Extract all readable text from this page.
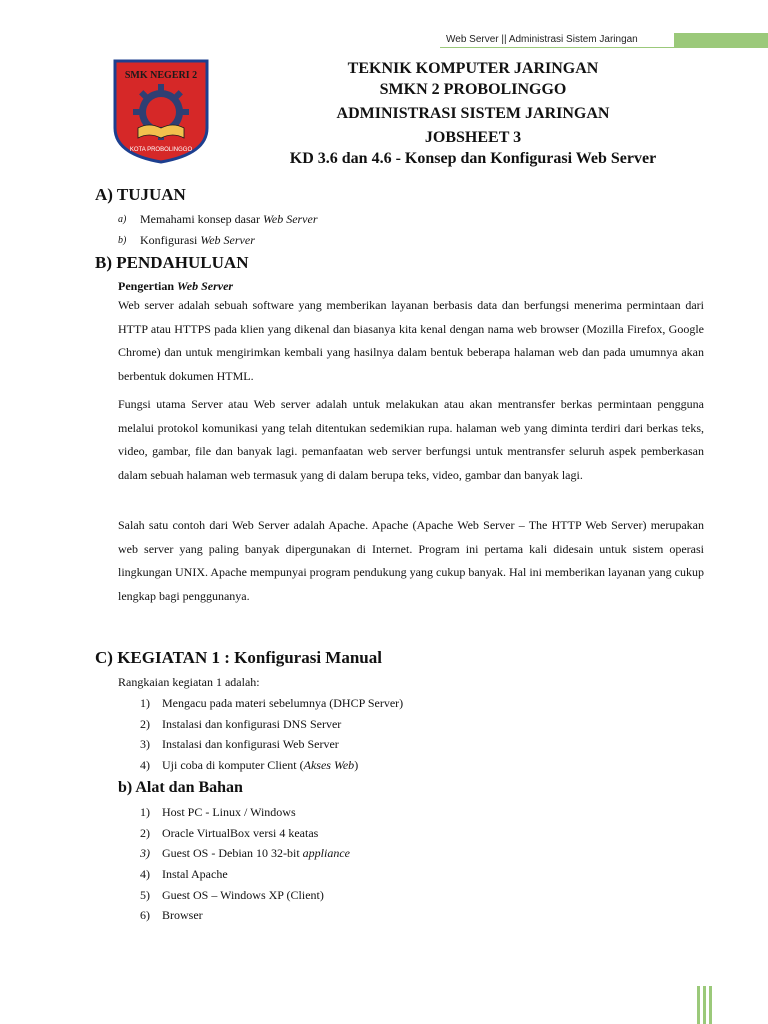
Web Server || Administrasi Sistem Jaringan
SMK NEGERI 2
KOTA PROBOLINGGO
TEKNIK KOMPUTER JARINGAN
SMKN 2 PROBOLINGGO
ADMINISTRASI SISTEM JARINGAN
JOBSHEET 3
KD 3.6 dan 4.6 - Konsep dan Konfigurasi Web Server
A) TUJUAN
a)	Memahami konsep dasar Web Server
b)	Konfigurasi Web Server
B) PENDAHULUAN
Pengertian Web Server

Web server adalah sebuah software yang memberikan layanan berbasis data dan berfungsi menerima permintaan dari HTTP atau HTTPS pada klien yang dikenal dan biasanya kita kenal dengan nama web browser (Mozilla Firefox, Google Chrome) dan untuk mengirimkan kembali yang hasilnya dalam bentuk beberapa halaman web dan pada umumnya akan berbentuk dokumen HTML.

Fungsi utama Server atau Web server adalah untuk melakukan atau akan mentransfer berkas permintaan pengguna melalui protokol komunikasi yang telah ditentukan sedemikian rupa. halaman web yang diminta terdiri dari berkas teks, video, gambar, file dan banyak lagi. pemanfaatan web server berfungsi untuk mentransfer seluruh aspek pemberkasan dalam sebuah halaman web termasuk yang di dalam berupa teks, video, gambar dan banyak lagi.

Salah satu contoh dari Web Server adalah Apache. Apache (Apache Web Server – The HTTP Web Server) merupakan web server yang paling banyak dipergunakan di Internet. Program ini pertama kali didesain untuk sistem operasi lingkungan UNIX. Apache mempunyai program pendukung yang cukup banyak. Hal ini memberikan layanan yang cukup lengkap bagi penggunanya.

C) KEGIATAN 1 : Konfigurasi Manual
Rangkaian kegiatan 1 adalah:
1)	Mengacu pada materi sebelumnya (DHCP Server)
2)	Instalasi dan konfigurasi DNS Server
3)	Instalasi dan konfigurasi Web Server
4)	Uji coba di komputer Client (Akses Web)
b) Alat dan Bahan
1)	Host PC - Linux / Windows
2)	Oracle VirtualBox versi 4 keatas
3)	Guest OS - Debian 10 32-bit appliance
4)	Instal Apache
5)	Guest OS – Windows XP (Client)
6)	Browser
